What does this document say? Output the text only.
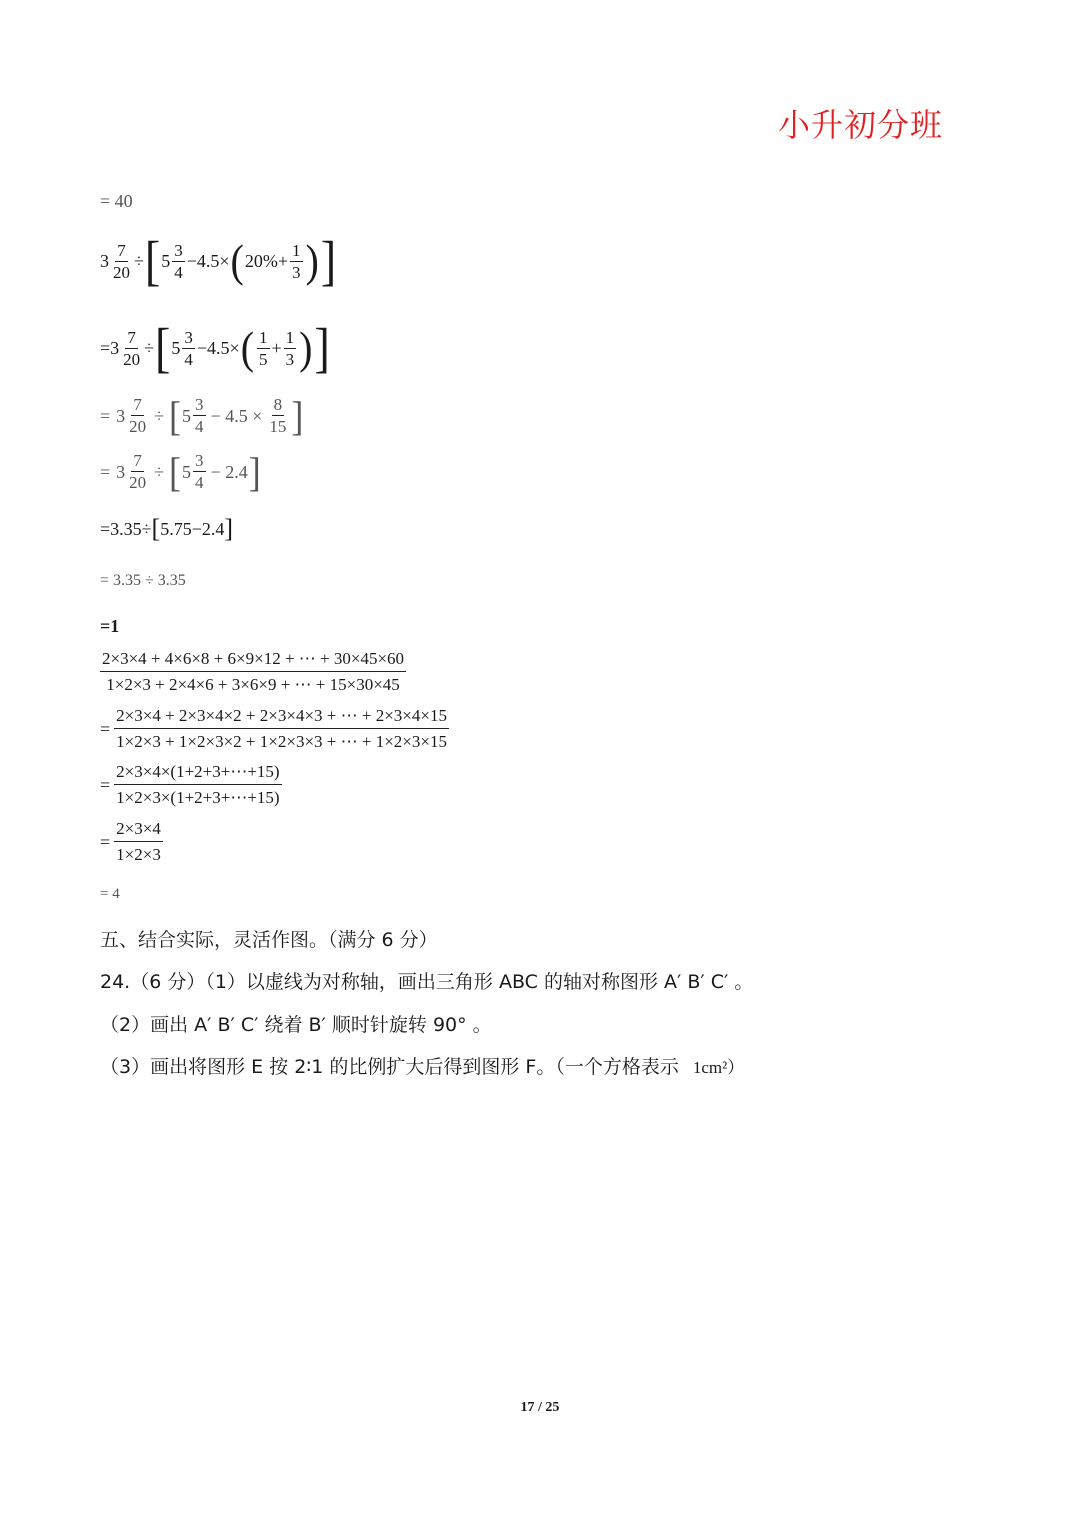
小升初分班
= 40
$3 \frac{7}{20}$ ÷ [ $5 \frac{3}{4} -4.5\times$ ( $20\%+ \frac{1}{3}$ ) ]
= $3 \frac{7}{20}$ ÷ [ $5 \frac{3}{4} -4.5\times$ ( $\frac{1}{5} + \frac{1}{3}$ ) ]
= $3 \frac{7}{20}$ ÷ [ $5 \frac{3}{4} - 4.5 \times \frac{8}{15}$ ]
= $3 \frac{7}{20}$ ÷ [ $5 \frac{3}{4} - 2.4$ ]
=3.35÷ [ 5.75−2.4 ]
= 3.35 ÷ 3.35
=1
$\frac{2\times 3\times 4 + 4\times 6\times 8 + 6\times 9\times 12 + \cdots + 30\times 45\times 60}{1\times 2\times 3 + 2\times 4\times 6 + 3\times 6\times 9 + \cdots + 15\times 30\times 45}$
= $\frac{2\times 3\times 4 + 2\times 3\times 4\times 2 + 2\times 3\times 4\times 3 + \cdots + 2\times 3\times 4\times 15}{1\times 2\times 3 + 1\times 2\times 3\times 2 + 1\times 2\times 3\times 3 + \cdots + 1\times 2\times 3\times 15}$
= $\frac{2\times 3\times 4\times(1+2+3+\cdots+15)}{1\times 2\times 3\times(1+2+3+\cdots+15)}$
= $\frac{2\times 3\times 4}{1\times 2\times 3}$
= 4
五、结合实际，灵活作图。（满分 6 分）
24.（6 分）（1）以虚线为对称轴，画出三角形 ABC 的轴对称图形 A′ B′ C′ 。
（2）画出 A′ B′ C′ 绕着 B′ 顺时针旋转 90° 。
（3）画出将图形 E 按 2∶1 的比例扩大后得到图形 F。（一个方格表示 1cm²）
17 / 25
